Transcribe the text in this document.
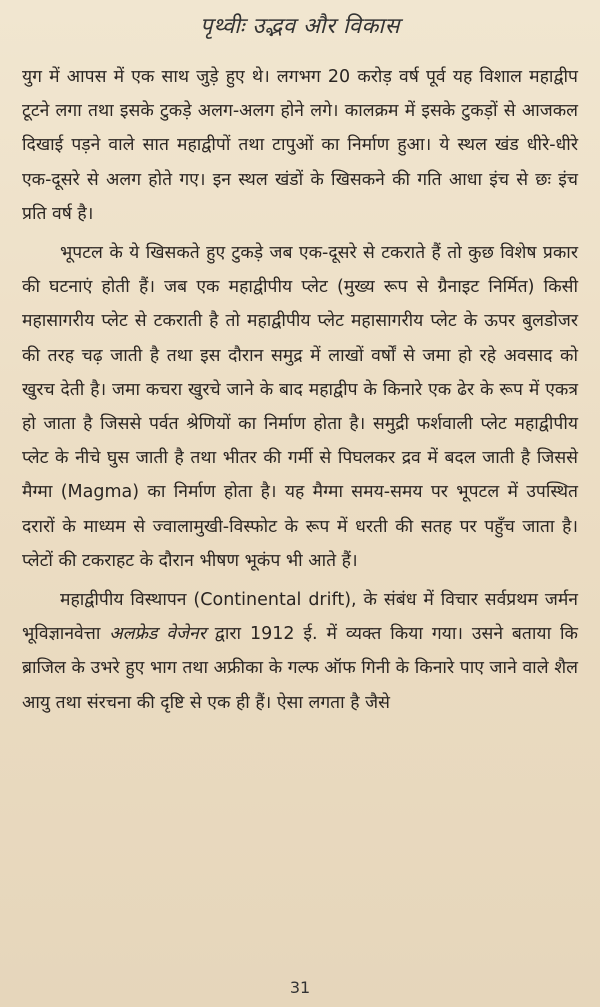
पृथ्वीः उद्भव और विकास

युग में आपस में एक साथ जुड़े हुए थे। लगभग 20 करोड़ वर्ष पूर्व यह विशाल महाद्वीप टूटने लगा तथा इसके टुकड़े अलग-अलग होने लगे। कालक्रम में इसके टुकड़ों से आजकल दिखाई पड़ने वाले सात महाद्वीपों तथा टापुओं का निर्माण हुआ। ये स्थल खंड धीरे-धीरे एक-दूसरे से अलग होते गए। इन स्थल खंडों के खिसकने की गति आधा इंच से छः इंच प्रति वर्ष है।

भूपटल के ये खिसकते हुए टुकड़े जब एक-दूसरे से टकराते हैं तो कुछ विशेष प्रकार की घटनाएं होती हैं। जब एक महाद्वीपीय प्लेट (मुख्य रूप से ग्रैनाइट निर्मित) किसी महासागरीय प्लेट से टकराती है तो महाद्वीपीय प्लेट महासागरीय प्लेट के ऊपर बुलडोजर की तरह चढ़ जाती है तथा इस दौरान समुद्र में लाखों वर्षों से जमा हो रहे अवसाद को खुरच देती है। जमा कचरा खुरचे जाने के बाद महाद्वीप के किनारे एक ढेर के रूप में एकत्र हो जाता है जिससे पर्वत श्रेणियों का निर्माण होता है। समुद्री फर्शवाली प्लेट महाद्वीपीय प्लेट के नीचे घुस जाती है तथा भीतर की गर्मी से पिघलकर द्रव में बदल जाती है जिससे मैग्मा (Magma) का निर्माण होता है। यह मैग्मा समय-समय पर भूपटल में उपस्थित दरारों के माध्यम से ज्वालामुखी-विस्फोट के रूप में धरती की सतह पर पहुँच जाता है। प्लेटों की टकराहट के दौरान भीषण भूकंप भी आते हैं।

महाद्वीपीय विस्थापन (Continental drift), के संबंध में विचार सर्वप्रथम जर्मन भूविज्ञानवेत्ता अलफ्रेड वेजेनर द्वारा 1912 ई. में व्यक्त किया गया। उसने बताया कि ब्राजिल के उभरे हुए भाग तथा अफ्रीका के गल्फ ऑफ गिनी के किनारे पाए जाने वाले शैल आयु तथा संरचना की दृष्टि से एक ही हैं। ऐसा लगता है जैसे

31
